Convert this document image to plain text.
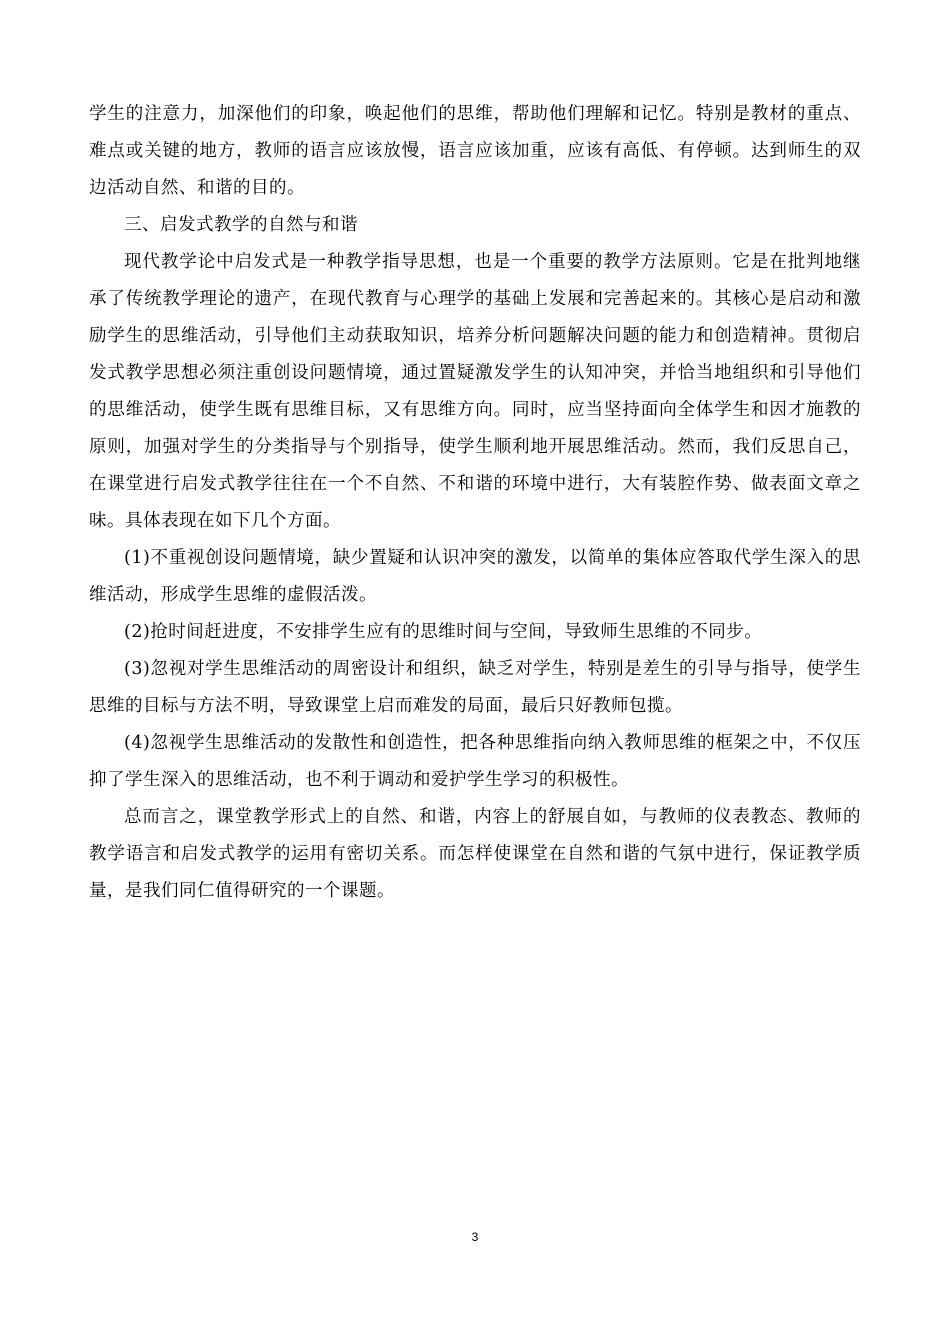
学生的注意力，加深他们的印象，唤起他们的思维，帮助他们理解和记忆。特别是教材的重点、难点或关键的地方，教师的语言应该放慢，语言应该加重，应该有高低、有停顿。达到师生的双边活动自然、和谐的目的。

三、启发式教学的自然与和谐

现代教学论中启发式是一种教学指导思想，也是一个重要的教学方法原则。它是在批判地继承了传统教学理论的遗产，在现代教育与心理学的基础上发展和完善起来的。其核心是启动和激励学生的思维活动，引导他们主动获取知识，培养分析问题解决问题的能力和创造精神。贯彻启发式教学思想必须注重创设问题情境，通过置疑激发学生的认知冲突，并恰当地组织和引导他们的思维活动，使学生既有思维目标，又有思维方向。同时，应当坚持面向全体学生和因才施教的原则，加强对学生的分类指导与个别指导，使学生顺利地开展思维活动。然而，我们反思自己，在课堂进行启发式教学往往在一个不自然、不和谐的环境中进行，大有装腔作势、做表面文章之味。具体表现在如下几个方面。

(1)不重视创设问题情境，缺少置疑和认识冲突的激发，以简单的集体应答取代学生深入的思维活动，形成学生思维的虚假活泼。

(2)抢时间赶进度，不安排学生应有的思维时间与空间，导致师生思维的不同步。

(3)忽视对学生思维活动的周密设计和组织，缺乏对学生，特别是差生的引导与指导，使学生思维的目标与方法不明，导致课堂上启而难发的局面，最后只好教师包揽。

(4)忽视学生思维活动的发散性和创造性，把各种思维指向纳入教师思维的框架之中，不仅压抑了学生深入的思维活动，也不利于调动和爱护学生学习的积极性。

总而言之，课堂教学形式上的自然、和谐，内容上的舒展自如，与教师的仪表教态、教师的教学语言和启发式教学的运用有密切关系。而怎样使课堂在自然和谐的气氛中进行，保证教学质量，是我们同仁值得研究的一个课题。

3
